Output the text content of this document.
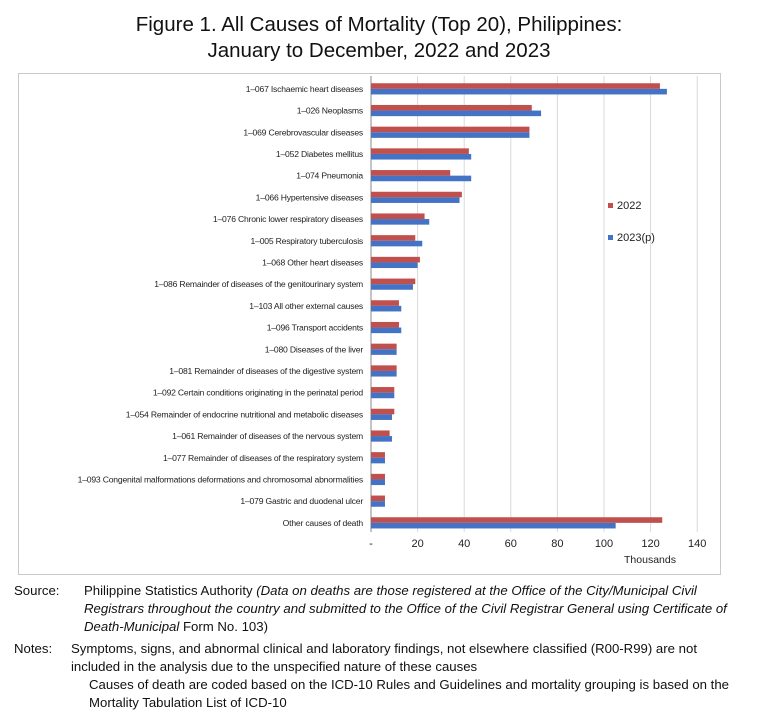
Figure 1. All Causes of Mortality (Top 20), Philippines:
January to December, 2022 and 2023
-	20	40	60	80	100	120	140
Thousands
1–067 Ischaemic heart diseases
1–026 Neoplasms
1–069 Cerebrovascular diseases
1–052 Diabetes mellitus
1–074 Pneumonia
1–066 Hypertensive diseases
1–076 Chronic lower respiratory diseases
1–005 Respiratory tuberculosis
1–068 Other heart diseases
1–086 Remainder of diseases of the genitourinary system
1–103 All other external causes
1–096 Transport accidents
1–080 Diseases of the liver
1–081 Remainder of diseases of the digestive system
1–092 Certain conditions originating in the perinatal period
1–054 Remainder of endocrine nutritional and metabolic diseases
1–061 Remainder of diseases of the nervous system
1–077 Remainder of diseases of the respiratory system
1–093 Congenital malformations deformations and chromosomal abnormalities
1–079 Gastric and duodenal ulcer
Other causes of death
2022
2023(p)
Source: Philippine Statistics Authority (Data on deaths are those registered at the Office of the City/Municipal Civil Registrars throughout the country and submitted to the Office of the Civil Registrar General using Certificate of Death-Municipal Form No. 103)
Notes: Symptoms, signs, and abnormal clinical and laboratory findings, not elsewhere classified (R00-R99) are not included in the analysis due to the unspecified nature of these causes
Causes of death are coded based on the ICD-10 Rules and Guidelines and mortality grouping is based on the Mortality Tabulation List of ICD-10
